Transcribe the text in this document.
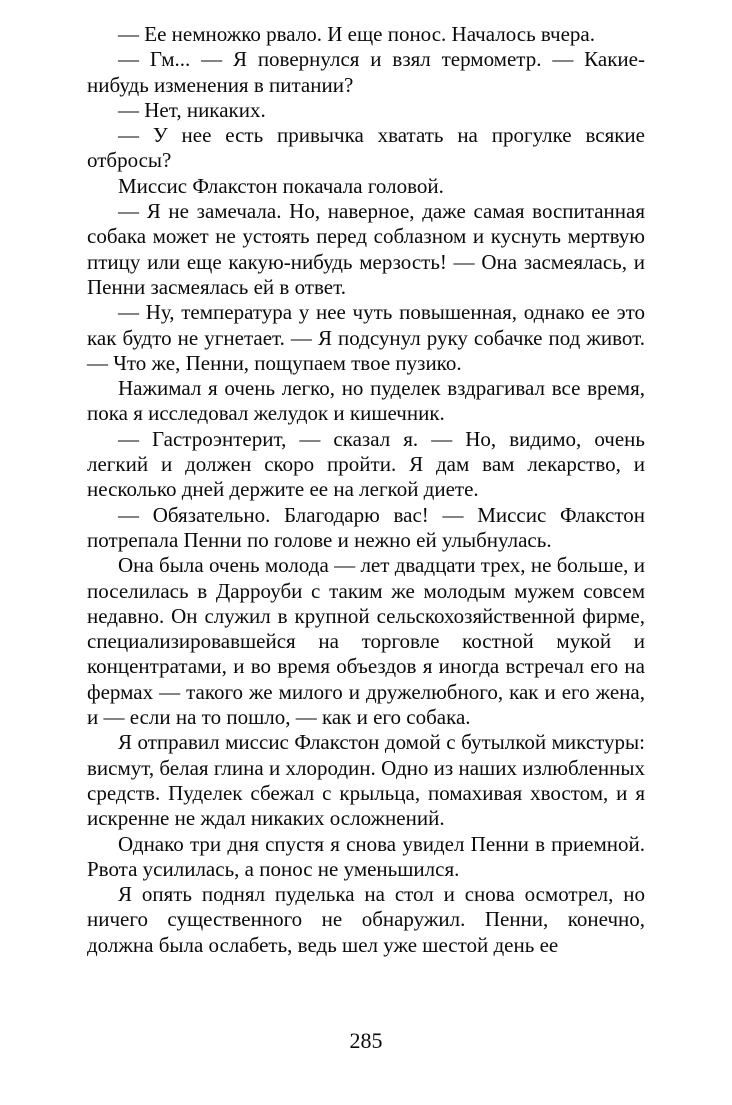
— Ее немножко рвало. И еще понос. Началось вчера.

— Гм... — Я повернулся и взял термометр. — Какие-нибудь изменения в питании?

— Нет, никаких.

— У нее есть привычка хватать на прогулке всякие отбросы?

Миссис Флакстон покачала головой.

— Я не замечала. Но, наверное, даже самая воспитанная собака может не устоять перед соблазном и куснуть мертвую птицу или еще какую-нибудь мерзость! — Она засмеялась, и Пенни засмеялась ей в ответ.

— Ну, температура у нее чуть повышенная, однако ее это как будто не угнетает. — Я подсунул руку собачке под живот. — Что же, Пенни, пощупаем твое пузико.

Нажимал я очень легко, но пуделек вздрагивал все время, пока я исследовал желудок и кишечник.

— Гастроэнтерит, — сказал я. — Но, видимо, очень легкий и должен скоро пройти. Я дам вам лекарство, и несколько дней держите ее на легкой диете.

— Обязательно. Благодарю вас! — Миссис Флакстон потрепала Пенни по голове и нежно ей улыбнулась.

Она была очень молода — лет двадцати трех, не больше, и поселилась в Дарроуби с таким же молодым мужем совсем недавно. Он служил в крупной сельскохозяйственной фирме, специализировавшейся на торговле костной мукой и концентратами, и во время объездов я иногда встречал его на фермах — такого же милого и дружелюбного, как и его жена, и — если на то пошло, — как и его собака.

Я отправил миссис Флакстон домой с бутылкой микстуры: висмут, белая глина и хлородин. Одно из наших излюбленных средств. Пуделек сбежал с крыльца, помахивая хвостом, и я искренне не ждал никаких осложнений.

Однако три дня спустя я снова увидел Пенни в приемной. Рвота усилилась, а понос не уменьшился.

Я опять поднял пуделька на стол и снова осмотрел, но ничего существенного не обнаружил. Пенни, конечно, должна была ослабеть, ведь шел уже шестой день ее

285
